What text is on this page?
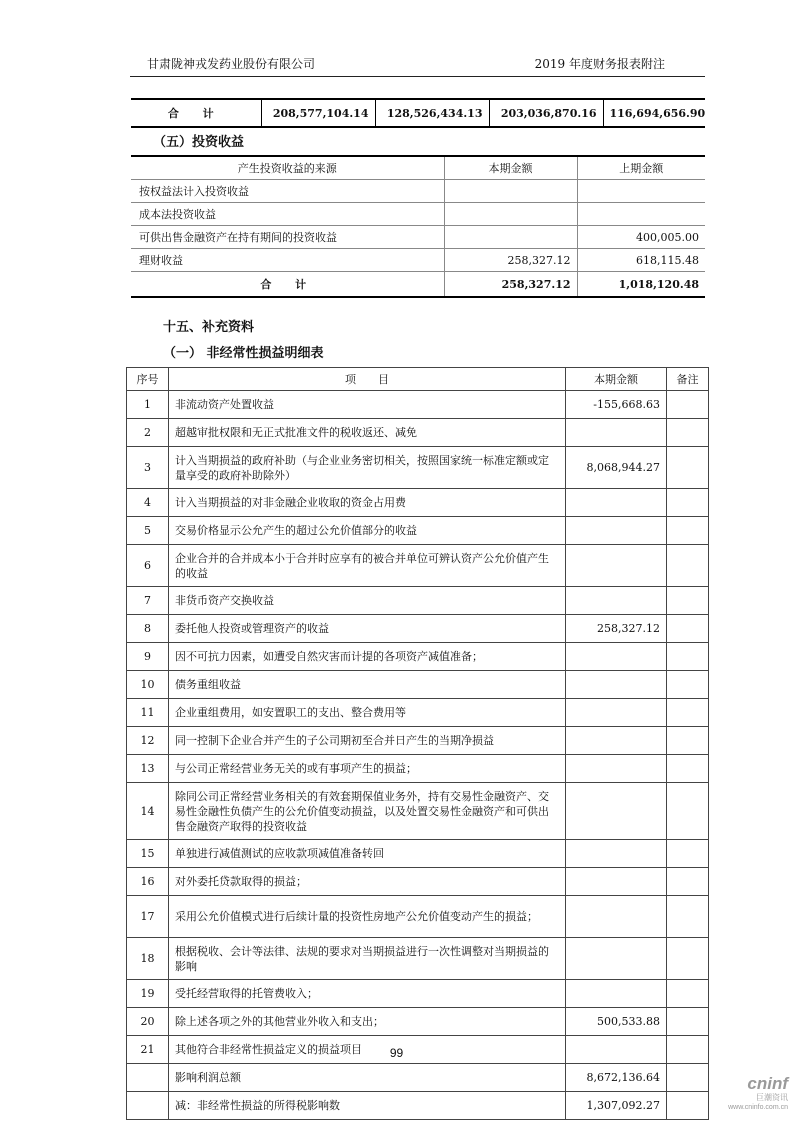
甘肃陇神戎发药业股份有限公司	2019 年度财务报表附注
合 计	208,577,104.14	128,526,434.13	203,036,870.16	116,694,656.90
（五）投资收益
产生投资收益的来源	本期金额	上期金额
按权益法计入投资收益		
成本法投资收益		
可供出售金融资产在持有期间的投资收益		400,005.00
理财收益	258,327.12	618,115.48
合 计	258,327.12	1,018,120.48
十五、补充资料
（一） 非经常性损益明细表
序号	项　　目	本期金额	备注
1	非流动资产处置收益	-155,668.63	
2	超越审批权限和无正式批准文件的税收返还、减免		
3	计入当期损益的政府补助（与企业业务密切相关，按照国家统一标准定额或定量享受的政府补助除外）	8,068,944.27	
4	计入当期损益的对非金融企业收取的资金占用费		
5	交易价格显示公允产生的超过公允价值部分的收益		
6	企业合并的合并成本小于合并时应享有的被合并单位可辨认资产公允价值产生的收益		
7	非货币资产交换收益		
8	委托他人投资或管理资产的收益	258,327.12	
9	因不可抗力因素，如遭受自然灾害而计提的各项资产减值准备；		
10	债务重组收益		
11	企业重组费用，如安置职工的支出、整合费用等		
12	同一控制下企业合并产生的子公司期初至合并日产生的当期净损益		
13	与公司正常经营业务无关的或有事项产生的损益；		
14	除同公司正常经营业务相关的有效套期保值业务外，持有交易性金融资产、交易性金融性负债产生的公允价值变动损益，以及处置交易性金融资产和可供出售金融资产取得的投资收益		
15	单独进行减值测试的应收款项减值准备转回		
16	对外委托贷款取得的损益；		
17	采用公允价值模式进行后续计量的投资性房地产公允价值变动产生的损益；		
18	根据税收、会计等法律、法规的要求对当期损益进行一次性调整对当期损益的影响		
19	受托经营取得的托管费收入；		
20	除上述各项之外的其他营业外收入和支出；	500,533.88	
21	其他符合非经常性损益定义的损益项目		
	影响利润总额	8,672,136.64	
	减：非经常性损益的所得税影响数	1,307,092.27	
99
cninf
巨潮资讯
www.cninfo.com.cn
